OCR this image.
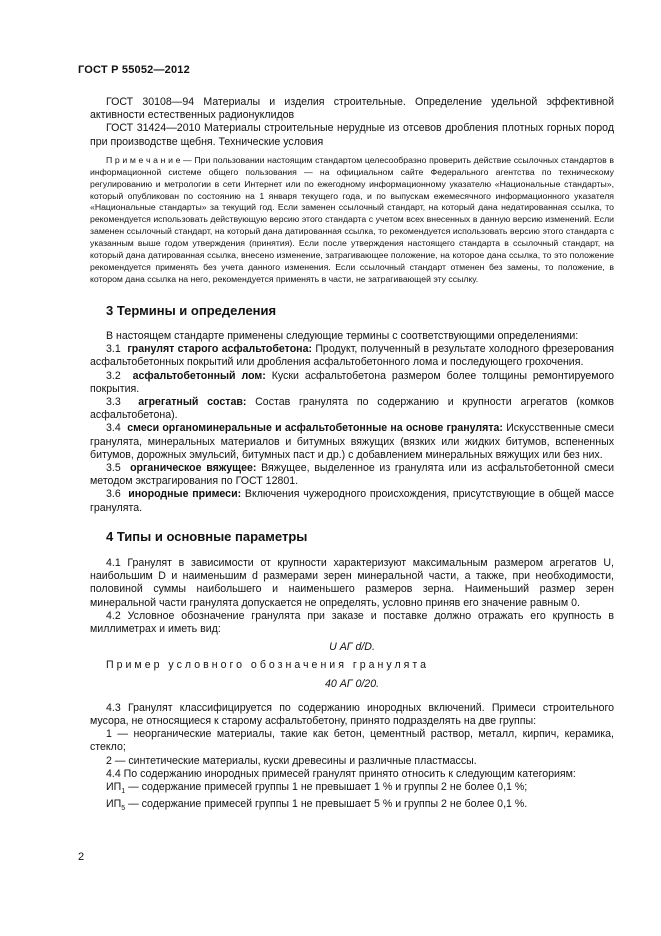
ГОСТ Р 55052—2012

ГОСТ 30108—94 Материалы и изделия строительные. Определение удельной эффективной активности естественных радионуклидов

ГОСТ 31424—2010 Материалы строительные нерудные из отсевов дробления плотных горных пород при производстве щебня. Технические условия

П р и м е ч а н и е — При пользовании настоящим стандартом целесообразно проверить действие ссылочных стандартов в информационной системе общего пользования — на официальном сайте Федерального агентства по техническому регулированию и метрологии в сети Интернет или по ежегодному информационному указателю «Национальные стандарты», который опубликован по состоянию на 1 января текущего года, и по выпускам ежемесячного информационного указателя «Национальные стандарты» за текущий год. Если заменен ссылочный стандарт, на который дана недатированная ссылка, то рекомендуется использовать действующую версию этого стандарта с учетом всех внесенных в данную версию изменений. Если заменен ссылочный стандарт, на который дана датированная ссылка, то рекомендуется использовать версию этого стандарта с указанным выше годом утверждения (принятия). Если после утверждения настоящего стандарта в ссылочный стандарт, на который дана датированная ссылка, внесено изменение, затрагивающее положение, на которое дана ссылка, то это положение рекомендуется применять без учета данного изменения. Если ссылочный стандарт отменен без замены, то положение, в котором дана ссылка на него, рекомендуется применять в части, не затрагивающей эту ссылку.

3 Термины и определения

В настоящем стандарте применены следующие термины с соответствующими определениями:

3.1 гранулят старого асфальтобетона: Продукт, полученный в результате холодного фрезерования асфальтобетонных покрытий или дробления асфальтобетонного лома и последующего грохочения.

3.2 асфальтобетонный лом: Куски асфальтобетона размером более толщины ремонтируемого покрытия.

3.3 агрегатный состав: Состав гранулята по содержанию и крупности агрегатов (комков асфальтобетона).

3.4 смеси органоминеральные и асфальтобетонные на основе гранулята: Искусственные смеси гранулята, минеральных материалов и битумных вяжущих (вязких или жидких битумов, вспененных битумов, дорожных эмульсий, битумных паст и др.) с добавлением минеральных вяжущих или без них.

3.5 органическое вяжущее: Вяжущее, выделенное из гранулята или из асфальтобетонной смеси методом экстрагирования по ГОСТ 12801.

3.6 инородные примеси: Включения чужеродного происхождения, присутствующие в общей массе гранулята.

4 Типы и основные параметры

4.1 Гранулят в зависимости от крупности характеризуют максимальным размером агрегатов U, наибольшим D и наименьшим d размерами зерен минеральной части, а также, при необходимости, половиной суммы наибольшего и наименьшего размеров зерна. Наименьший размер зерен минеральной части гранулята допускается не определять, условно приняв его значение равным 0.

4.2 Условное обозначение гранулята при заказе и поставке должно отражать его крупность в миллиметрах и иметь вид:

U АГ d/D.

Пример условного обозначения гранулята

40 АГ 0/20.

4.3 Гранулят классифицируется по содержанию инородных включений. Примеси строительного мусора, не относящиеся к старому асфальтобетону, принято подразделять на две группы:

1 — неорганические материалы, такие как бетон, цементный раствор, металл, кирпич, керамика, стекло;

2 — синтетические материалы, куски древесины и различные пластмассы.

4.4 По содержанию инородных примесей гранулят принято относить к следующим категориям:

$ИП_1$ — содержание примесей группы 1 не превышает 1 % и группы 2 не более 0,1 %;

$ИП_5$ — содержание примесей группы 1 не превышает 5 % и группы 2 не более 0,1 %.

2
